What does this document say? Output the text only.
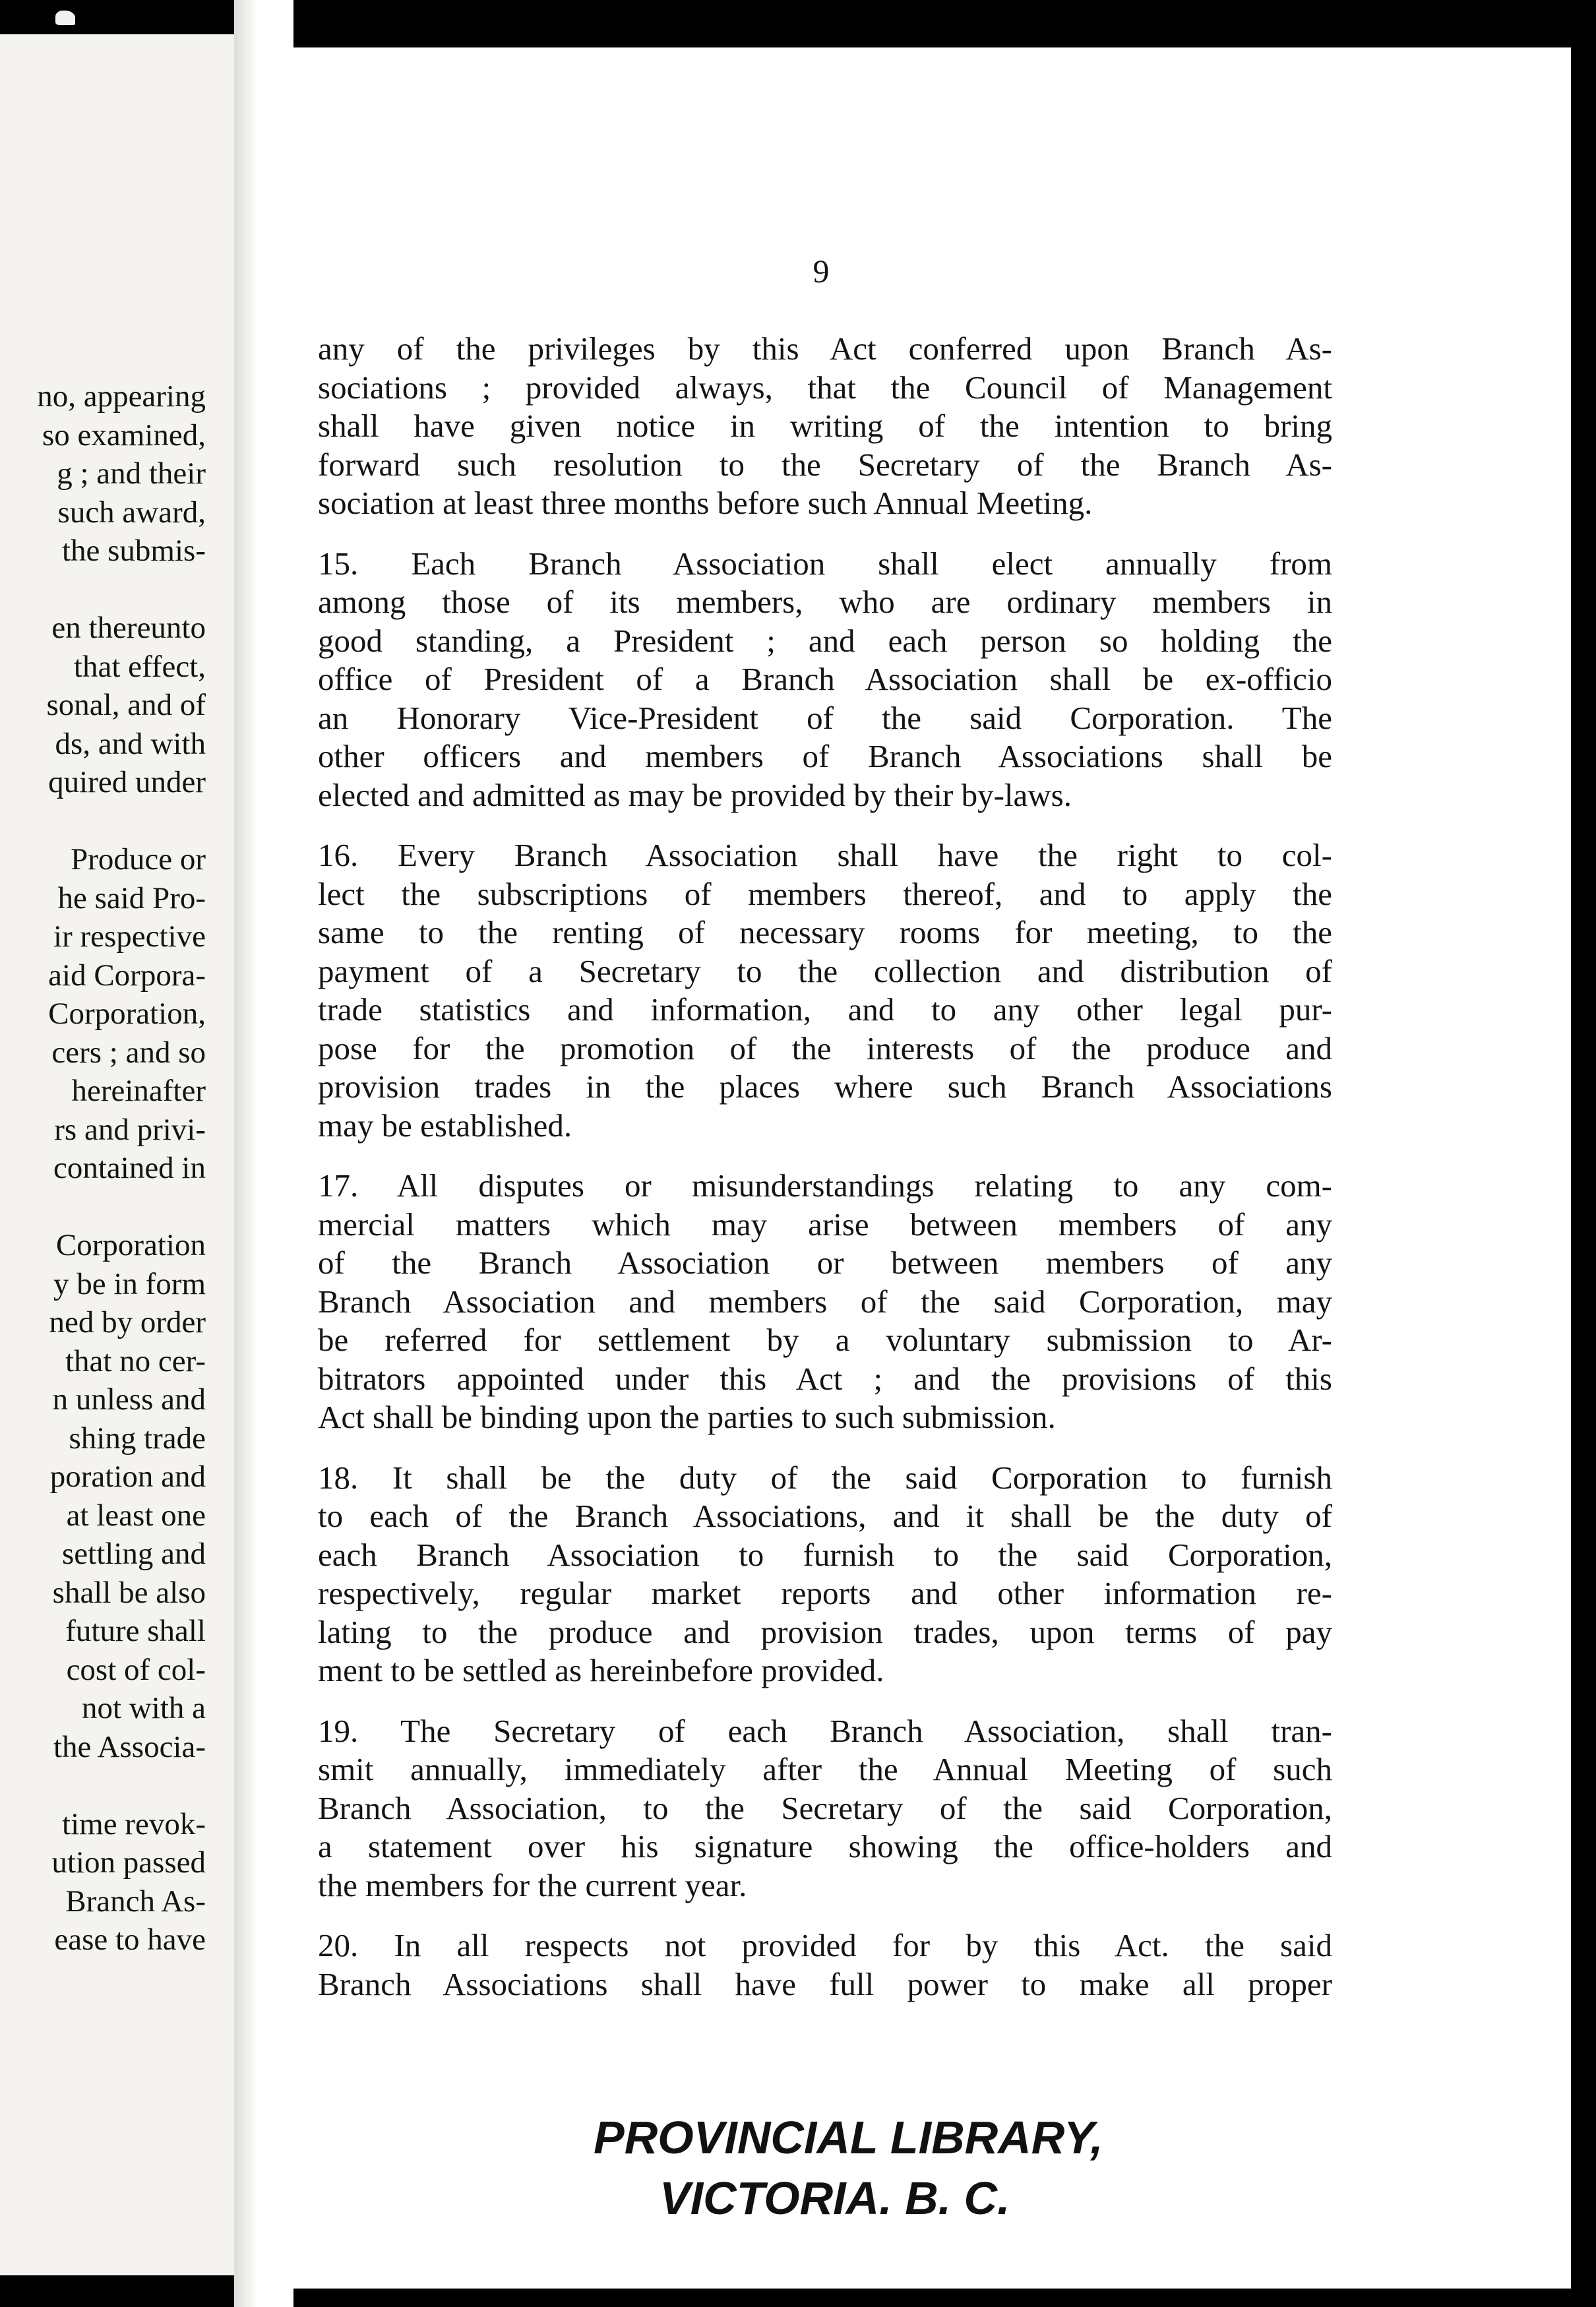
no, appearing
so examined,
g ; and their
such award,
the submis-
en thereunto
that effect,
sonal, and of
ds, and with
quired under
Produce or
he said Pro-
ir respective
aid Corpora-
Corporation,
cers ; and so
hereinafter
rs and privi-
contained in
Corporation
y be in form
ned by order
that no cer-
n unless and
shing trade
poration and
at least one
settling and
shall be also
future shall
cost of col-
not with a
the Associa-
time revok-
ution passed
Branch As-
ease to have
9

any of the privileges by this Act conferred upon Branch As-
sociations ; provided always, that the Council of Management
shall have given notice in writing of the intention to bring
forward such resolution to the Secretary of the Branch As-
sociation at least three months before such Annual Meeting.

15. Each Branch Association shall elect annually from
among those of its members, who are ordinary members in
good standing, a President ; and each person so holding the
office of President of a Branch Association shall be ex-officio
an Honorary Vice-President of the said Corporation. The
other officers and members of Branch Associations shall be
elected and admitted as may be provided by their by-laws.

16. Every Branch Association shall have the right to col-
lect the subscriptions of members thereof, and to apply the
same to the renting of necessary rooms for meeting, to the
payment of a Secretary to the collection and distribution of
trade statistics and information, and to any other legal pur-
pose for the promotion of the interests of the produce and
provision trades in the places where such Branch Associations
may be established.

17. All disputes or misunderstandings relating to any com-
mercial matters which may arise between members of any
of the Branch Association or between members of any
Branch Association and members of the said Corporation, may
be referred for settlement by a voluntary submission to Ar-
bitrators appointed under this Act ; and the provisions of this
Act shall be binding upon the parties to such submission.

18. It shall be the duty of the said Corporation to furnish
to each of the Branch Associations, and it shall be the duty of
each Branch Association to furnish to the said Corporation,
respectively, regular market reports and other information re-
lating to the produce and provision trades, upon terms of pay
ment to be settled as hereinbefore provided.

19. The Secretary of each Branch Association, shall tran-
smit annually, immediately after the Annual Meeting of such
Branch Association, to the Secretary of the said Corporation,
a statement over his signature showing the office-holders and
the members for the current year.

20. In all respects not provided for by this Act. the said
Branch Associations shall have full power to make all proper

PROVINCIAL LIBRARY,
VICTORIA. B. C.
